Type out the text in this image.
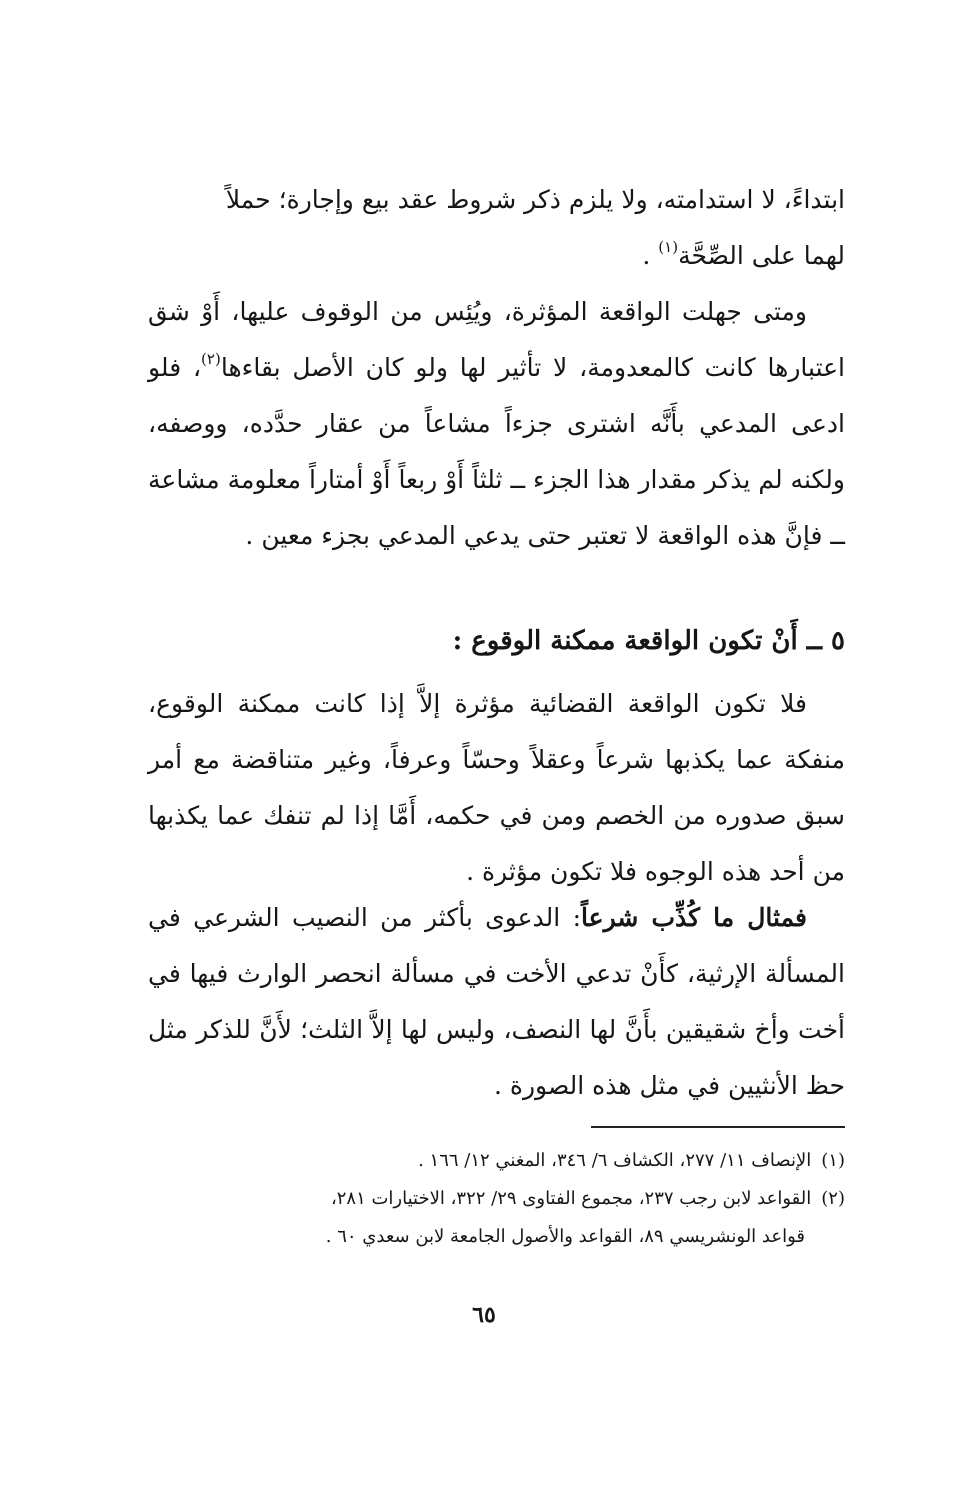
ابتداءً، لا استدامته، ولا يلزم ذكر شروط عقد بيع وإجارة؛ حملاً

لهما على الصِّحَّة$^{(١)}$ .

ومتى جهلت الواقعة المؤثرة، ويُئِس من الوقوف عليها، أَوْ شق اعتبارها كانت كالمعدومة، لا تأثير لها ولو كان الأصل بقاءها$^{(٢)}$، فلو ادعى المدعي بأَنَّه اشترى جزءاً مشاعاً من عقار حدَّده، ووصفه، ولكنه لم يذكر مقدار هذا الجزء ــ ثلثاً أَوْ ربعاً أَوْ أمتاراً معلومة مشاعة ــ فإنَّ هذه الواقعة لا تعتبر حتى يدعي المدعي بجزء معين .

٥ ــ أَنْ تكون الواقعة ممكنة الوقوع :

فلا تكون الواقعة القضائية مؤثرة إلاَّ إذا كانت ممكنة الوقوع، منفكة عما يكذبها شرعاً وعقلاً وحسّاً وعرفاً، وغير متناقضة مع أمر سبق صدوره من الخصم ومن في حكمه، أَمَّا إذا لم تنفك عما يكذبها من أحد هذه الوجوه فلا تكون مؤثرة .

فمثال ما كُذِّب شرعاً: الدعوى بأكثر من النصيب الشرعي في المسألة الإرثية، كأَنْ تدعي الأخت في مسألة انحصر الوارث فيها في أخت وأخ شقيقين بأَنَّ لها النصف، وليس لها إلاَّ الثلث؛ لأَنَّ للذكر مثل حظ الأنثيين في مثل هذه الصورة .

(١)الإنصاف ١١/ ٢٧٧، الكشاف ٦/ ٣٤٦، المغني ١٢/ ١٦٦ .

(٢)القواعد لابن رجب ٢٣٧، مجموع الفتاوى ٢٩/ ٣٢٢، الاختيارات ٢٨١،

قواعد الونشريسي ٨٩، القواعد والأصول الجامعة لابن سعدي ٦٠ .

٦٥
